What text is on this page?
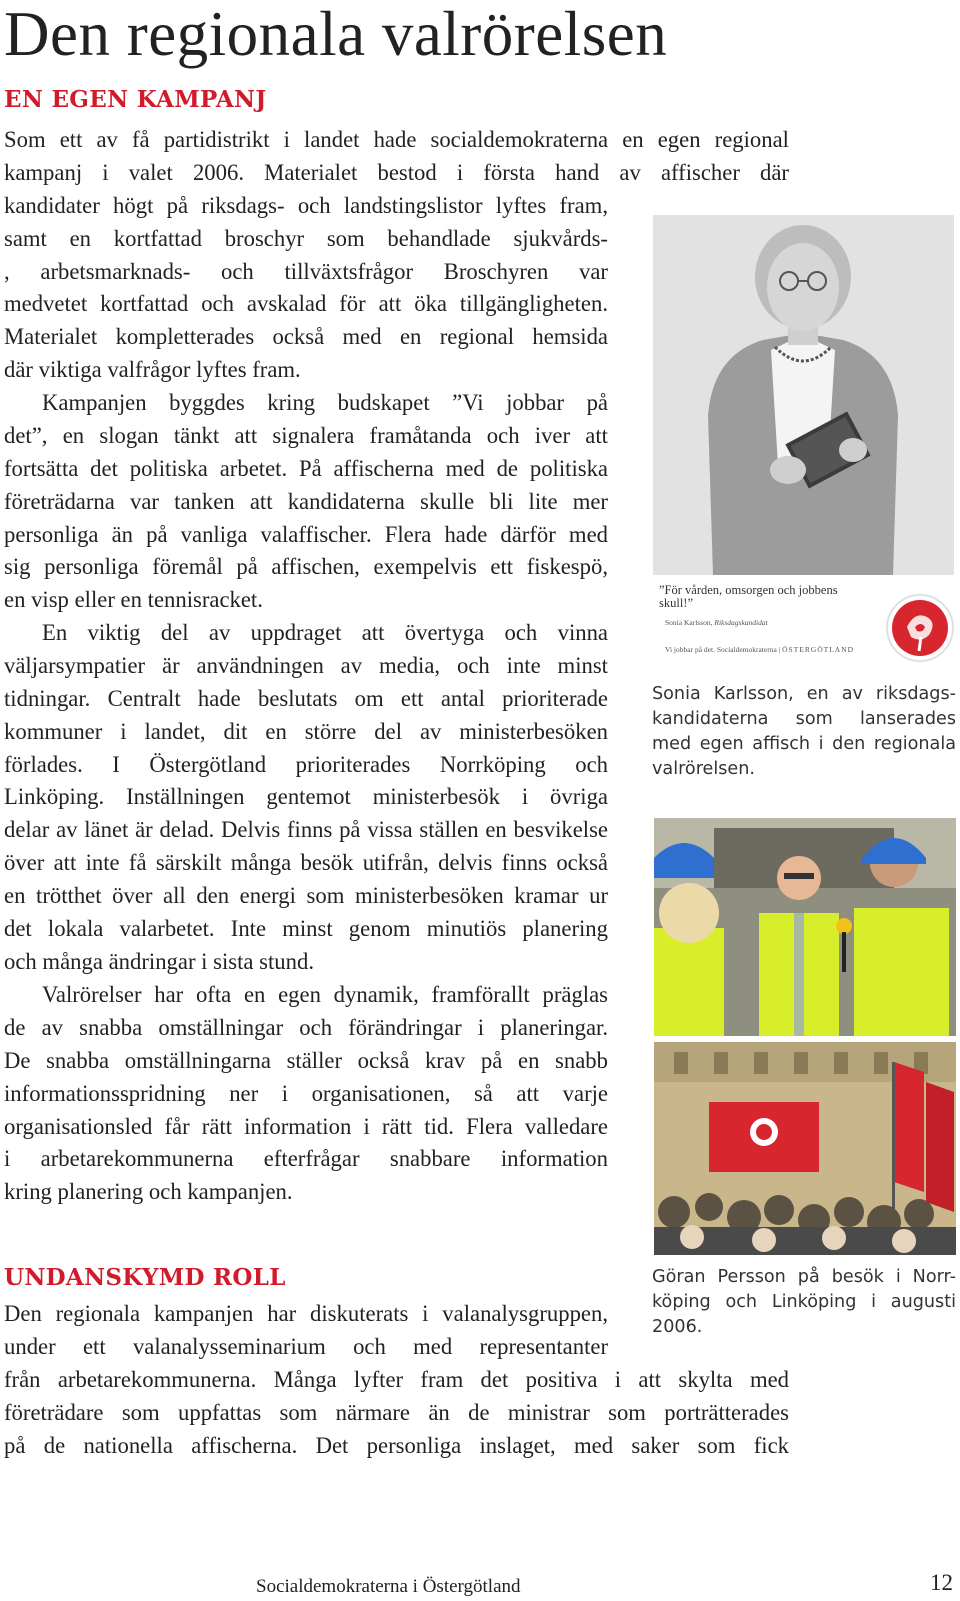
Den regionala valrörelsen
EN EGEN KAMPANJ
Som ett av få partidistrikt i landet hade socialdemokraterna en egen regional
kampanj i valet 2006. Materialet bestod i första hand av affischer där
kandidater högt på riksdags- och landstingslistor lyftes fram,
samt en kortfattad broschyr som behandlade sjukvårds-
, arbetsmarknads- och tillväxtsfrågor Broschyren var
medvetet kortfattad och avskalad för att öka tillgängligheten.
Materialet kompletterades också med en regional hemsida
där viktiga valfrågor lyftes fram.
Kampanjen byggdes kring budskapet ”Vi jobbar på
det”, en slogan tänkt att signalera framåtanda och iver att
fortsätta det politiska arbetet. På affischerna med de politiska
företrädarna var tanken att kandidaterna skulle bli lite mer
personliga än på vanliga valaffischer. Flera hade därför med
sig personliga föremål på affischen, exempelvis ett fiskespö,
en visp eller en tennisracket.
En viktig del av uppdraget att övertyga och vinna
väljarsympatier är användningen av media, och inte minst
tidningar. Centralt hade beslutats om ett antal prioriterade
kommuner i landet, dit en större del av ministerbesöken
förlades. I Östergötland prioriterades Norrköping och
Linköping. Inställningen gentemot ministerbesök i övriga
delar av länet är delad. Delvis finns på vissa ställen en besvikelse
över att inte få särskilt många besök utifrån, delvis finns också
en trötthet över all den energi som ministerbesöken kramar ur
det lokala valarbetet. Inte minst genom minutiös planering
och många ändringar i sista stund.
Valrörelser har ofta en egen dynamik, framförallt präglas
de av snabba omställningar och förändringar i planeringar.
De snabba omställningarna ställer också krav på en snabb
informationsspridning ner i organisationen, så att varje
organisationsled får rätt information i rätt tid. Flera valledare
i arbetarekommunerna efterfrågar snabbare information
kring planering och kampanjen.
UNDANSKYMD ROLL
Den regionala kampanjen har diskuterats i valanalysgruppen,
under ett valanalysseminarium och med representanter
från arbetarekommunerna. Många lyfter fram det positiva i att skylta med
företrädare som uppfattas som närmare än de ministrar som porträtterades
på de nationella affischerna. Det personliga inslaget, med saker som fick
”För vården, omsorgen och jobbens skull!”
Sonia Karlsson, Riksdagskandidat
Vi jobbar på det. Socialdemokraterna | ÖSTERGÖTLAND
Sonia Karlsson, en av riksdags-
kandidaterna som lanserades
med egen affisch i den regionala
valrörelsen.
Göran Persson på besök i Norr-
köping och Linköping i augusti
2006.
Socialdemokraterna i Östergötland	12
